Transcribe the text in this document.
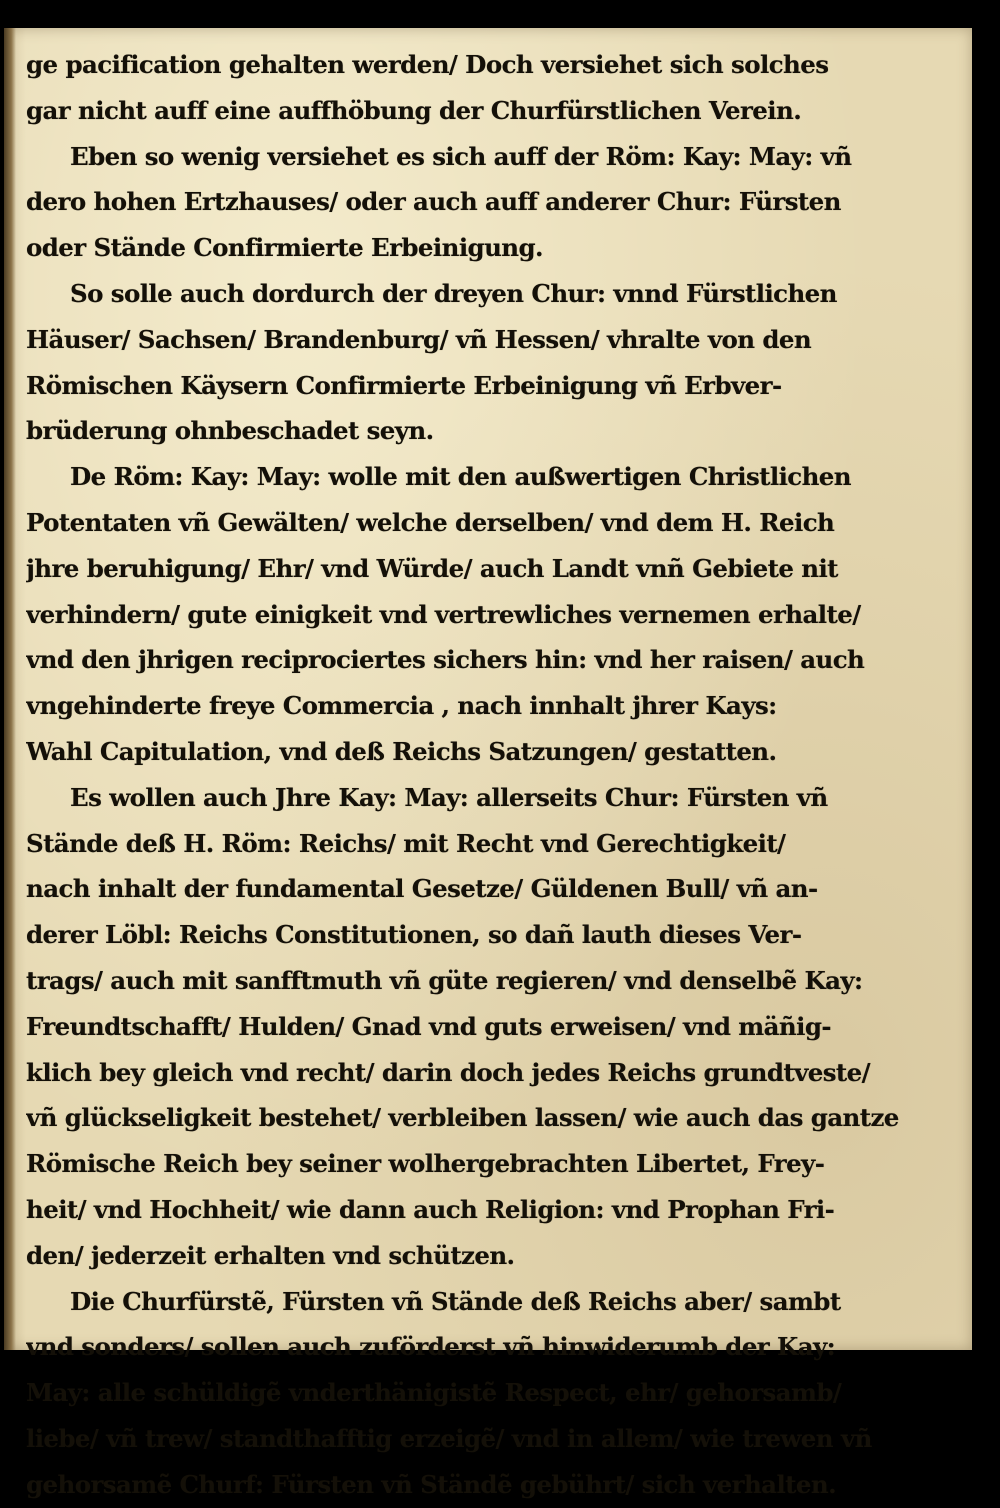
ge pacification gehalten werden/ Doch versiehet sich solches
gar nicht auff eine auffhöbung der Churfürstlichen Verein.
Eben so wenig versiehet es sich auff der Röm: Kay: May: vñ
dero hohen Ertzhauses/ oder auch auff anderer Chur: Fürsten
oder Stände Confirmierte Erbeinigung.
So solle auch dordurch der dreyen Chur: vnnd Fürstlichen
Häuser/ Sachsen/ Brandenburg/ vñ Hessen/ vhralte von den
Römischen Käysern Confirmierte Erbeinigung vñ Erbver-
brüderung ohnbeschadet seyn.
De Röm: Kay: May: wolle mit den außwertigen Christlichen
Potentaten vñ Gewälten/ welche derselben/ vnd dem H. Reich
jhre beruhigung/ Ehr/ vnd Würde/ auch Landt vnñ Gebiete nit
verhindern/ gute einigkeit vnd vertrewliches vernemen erhalte/
vnd den jhrigen reciprociertes sichers hin: vnd her raisen/ auch
vngehinderte freye Commercia , nach innhalt jhrer Kays:
Wahl Capitulation, vnd deß Reichs Satzungen/ gestatten.
Es wollen auch Jhre Kay: May: allerseits Chur: Fürsten vñ
Stände deß H. Röm: Reichs/ mit Recht vnd Gerechtigkeit/
nach inhalt der fundamental Gesetze/ Güldenen Bull/ vñ an-
derer Löbl: Reichs Constitutionen, so dañ lauth dieses Ver-
trags/ auch mit sanfftmuth vñ güte regieren/ vnd denselbẽ Kay:
Freundtschafft/ Hulden/ Gnad vnd guts erweisen/ vnd mäñig-
klich bey gleich vnd recht/ darin doch jedes Reichs grundtveste/
vñ glückseligkeit bestehet/ verbleiben lassen/ wie auch das gantze
Römische Reich bey seiner wolhergebrachten Libertet, Frey-
heit/ vnd Hochheit/ wie dann auch Religion: vnd Prophan Fri-
den/ jederzeit erhalten vnd schützen.
Die Churfürstẽ, Fürsten vñ Stände deß Reichs aber/ sambt
vnd sonders/ sollen auch zuförderst vñ hinwiderumb der Kay:
May: alle schüldigẽ vnderthänigistẽ Respect, ehr/ gehorsamb/
liebe/ vñ trew/ standthafftig erzeigẽ/ vnd in allem/ wie trewen vñ
gehorsamẽ Churf: Fürsten vñ Ständẽ gebührt/ sich verhalten.
